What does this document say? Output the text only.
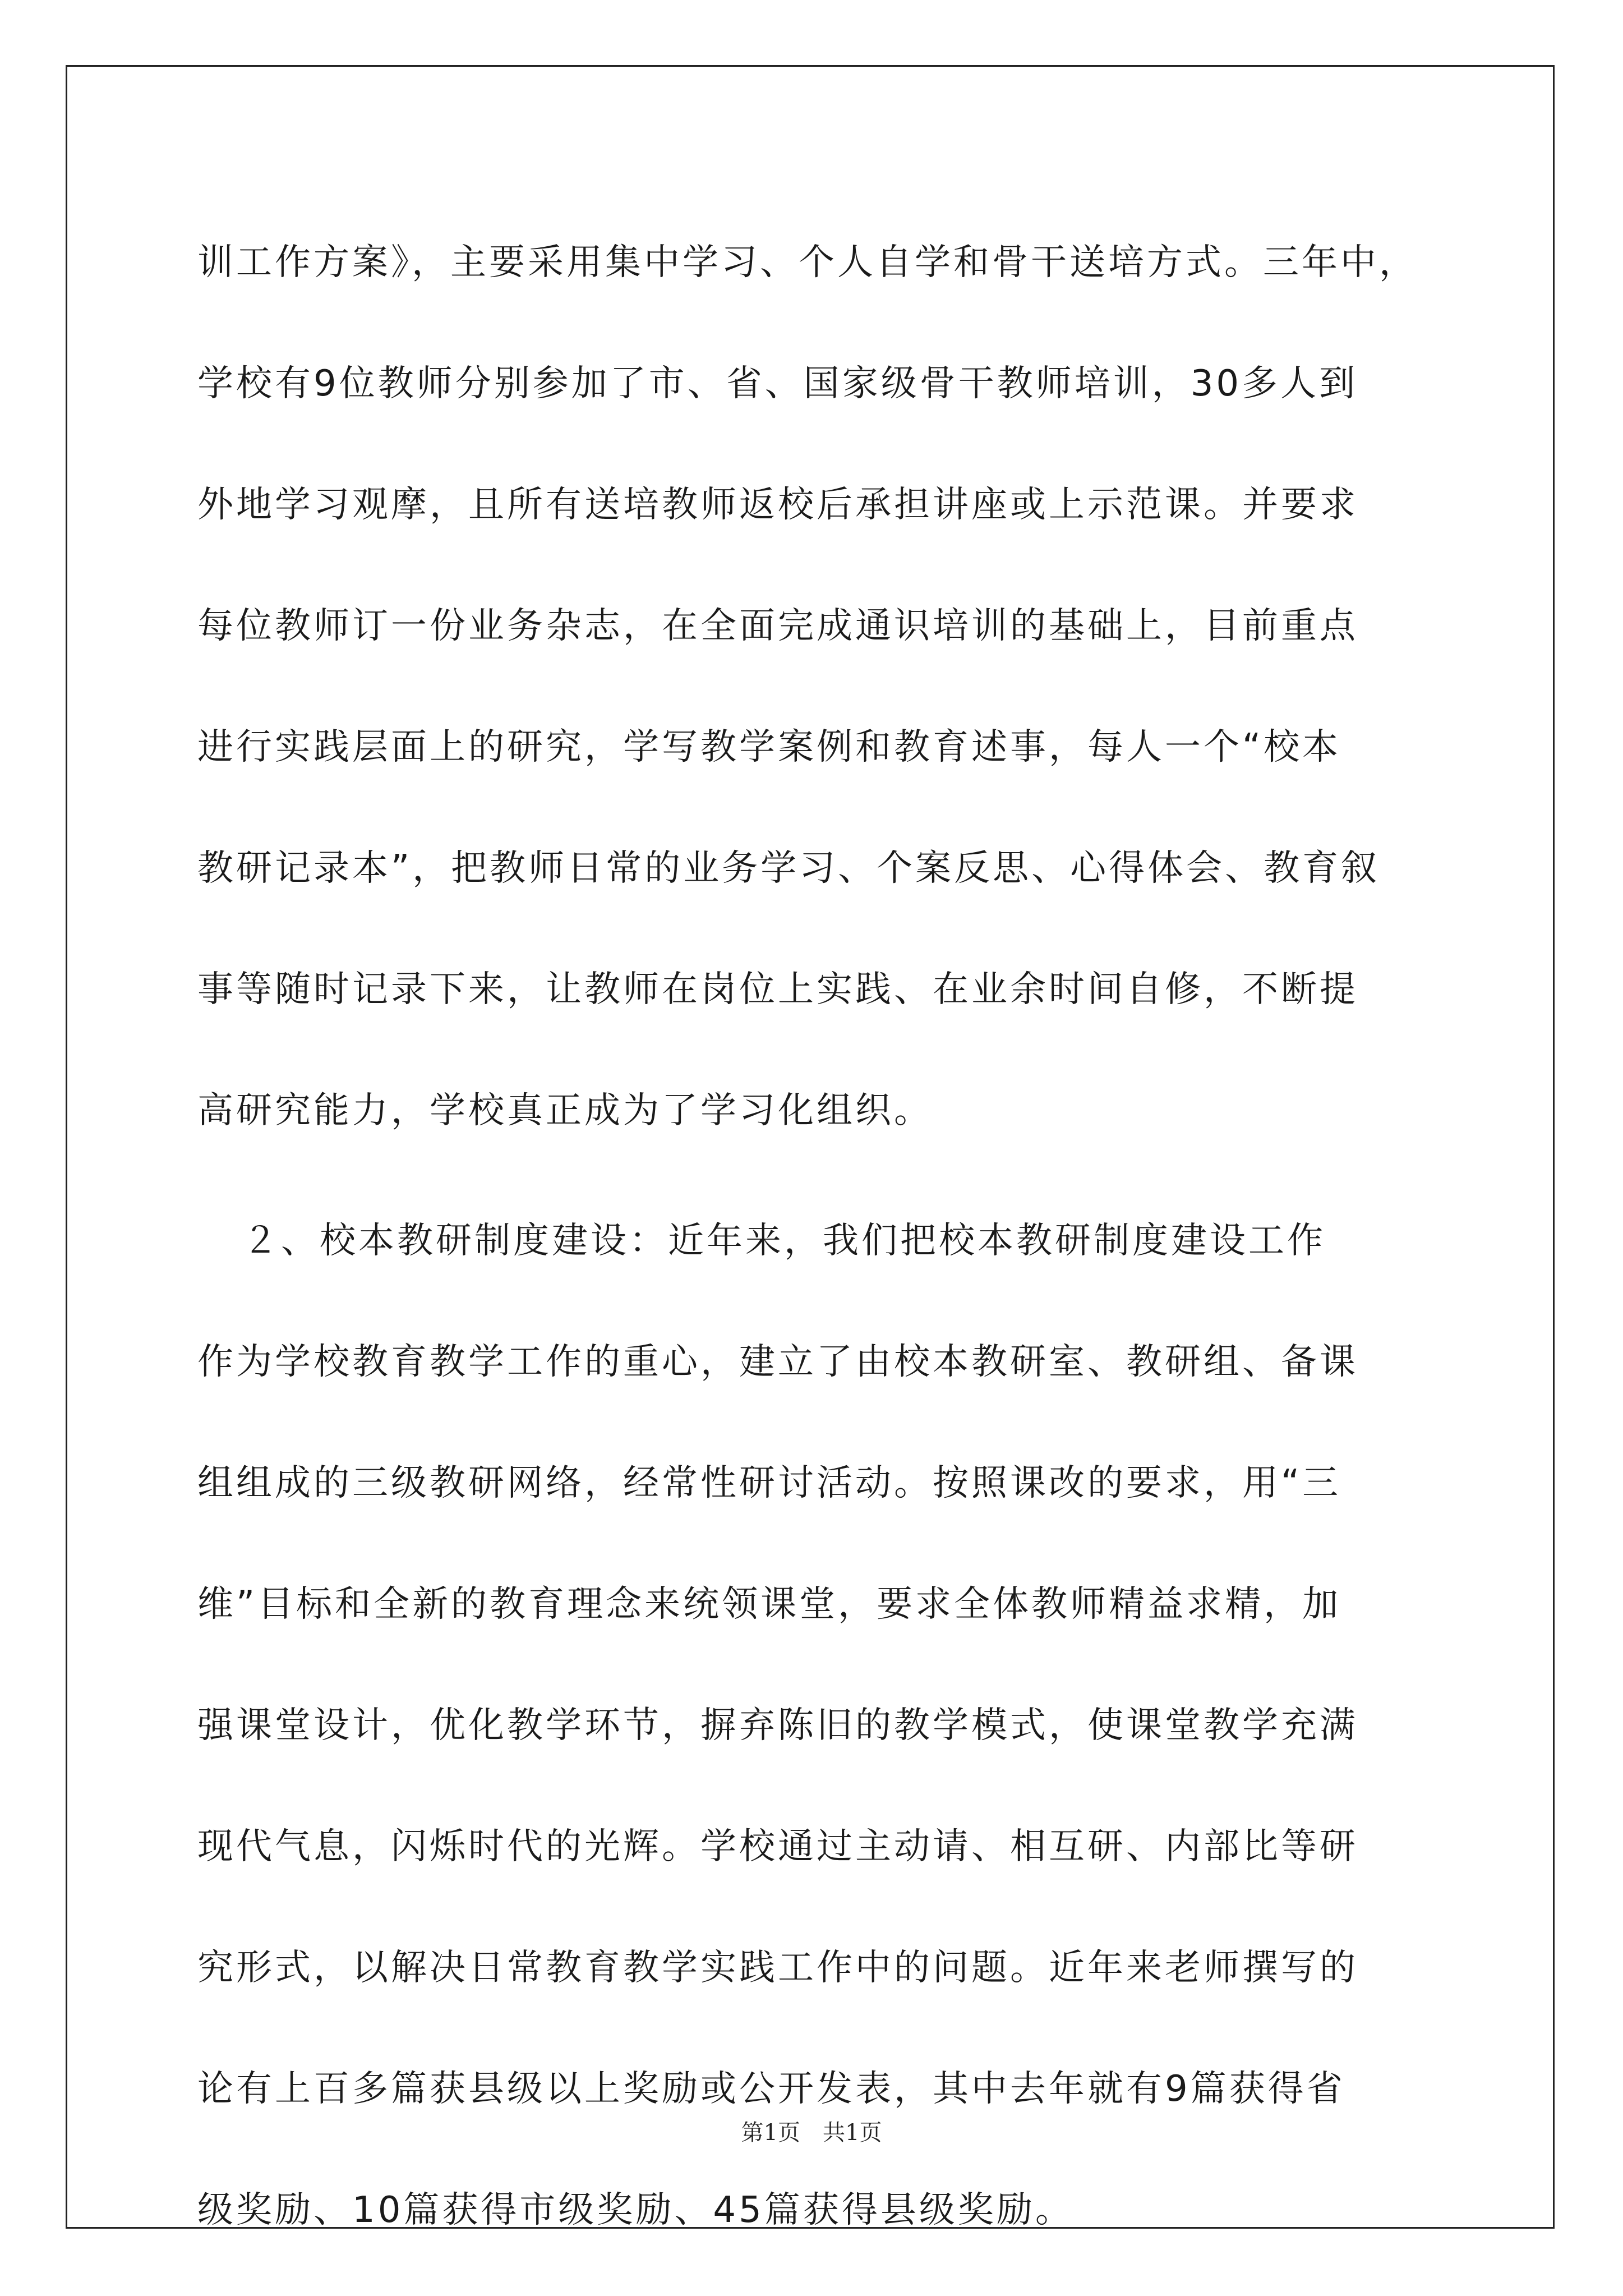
训工作方案》，主要采用集中学习、个人自学和骨干送培方式。三年中，
学校有9位教师分别参加了市、省、国家级骨干教师培训，30多人到
外地学习观摩，且所有送培教师返校后承担讲座或上示范课。并要求
每位教师订一份业务杂志，在全面完成通识培训的基础上，目前重点
进行实践层面上的研究，学写教学案例和教育述事，每人一个“校本
教研记录本”，把教师日常的业务学习、个案反思、心得体会、教育叙
事等随时记录下来，让教师在岗位上实践、在业余时间自修，不断提
高研究能力，学校真正成为了学习化组织。
２、校本教研制度建设：近年来，我们把校本教研制度建设工作
作为学校教育教学工作的重心，建立了由校本教研室、教研组、备课
组组成的三级教研网络，经常性研讨活动。按照课改的要求，用“三
维”目标和全新的教育理念来统领课堂，要求全体教师精益求精，加
强课堂设计，优化教学环节，摒弃陈旧的教学模式，使课堂教学充满
现代气息，闪烁时代的光辉。学校通过主动请、相互研、内部比等研
究形式，以解决日常教育教学实践工作中的问题。近年来老师撰写的
论有上百多篇获县级以上奖励或公开发表，其中去年就有9篇获得省
级奖励、10篇获得市级奖励、45篇获得县级奖励。
第1页 共1页
